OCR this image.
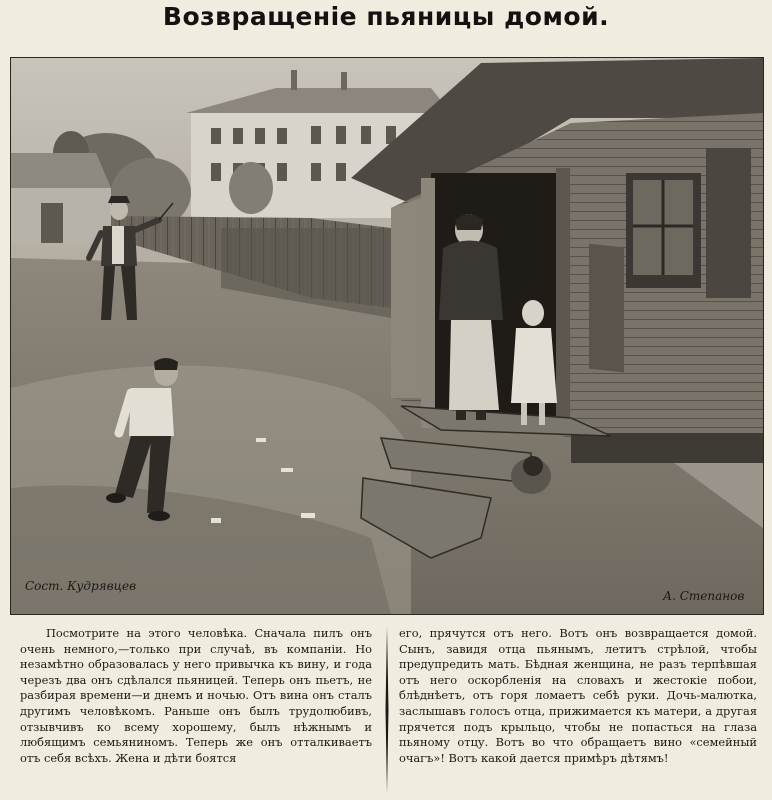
Возвращенiе пьяницы домой.
Сост. Кудрявцев
А. Степанов

Посмотрите на этого человѣка. Сначала пилъ онъ очень немного,—только при случаѣ, въ компанiи. Но незамѣтно образовалась у него привычка къ вину, и года черезъ два онъ сдѣлался пьяницей. Теперь онъ пьетъ, не разбирая времени—и днемъ и ночью. Отъ вина онъ сталъ другимъ человѣкомъ. Раньше онъ былъ трудолюбивъ, отзывчивъ ко всему хорошему, былъ нѣжнымъ и любящимъ семьяниномъ. Теперь же онъ отталкиваетъ отъ себя всѣхъ. Жена и дѣти боятся

его, прячутся отъ него. Вотъ онъ возвращается домой. Сынъ, завидя отца пьянымъ, летитъ стрѣлой, чтобы предупредить мать. Бѣдная женщина, не разъ терпѣвшая отъ него оскорбленiя на словахъ и жестокiе побои, блѣднѣетъ, отъ горя ломаетъ себѣ руки. Дочь-малютка, заслышавъ голосъ отца, прижимается къ матери, а другая прячется подъ крыльцо, чтобы не попасться на глаза пьяному отцу. Вотъ во что обращаетъ вино «семейный очагъ»! Вотъ какой дается примѣръ дѣтямъ!
